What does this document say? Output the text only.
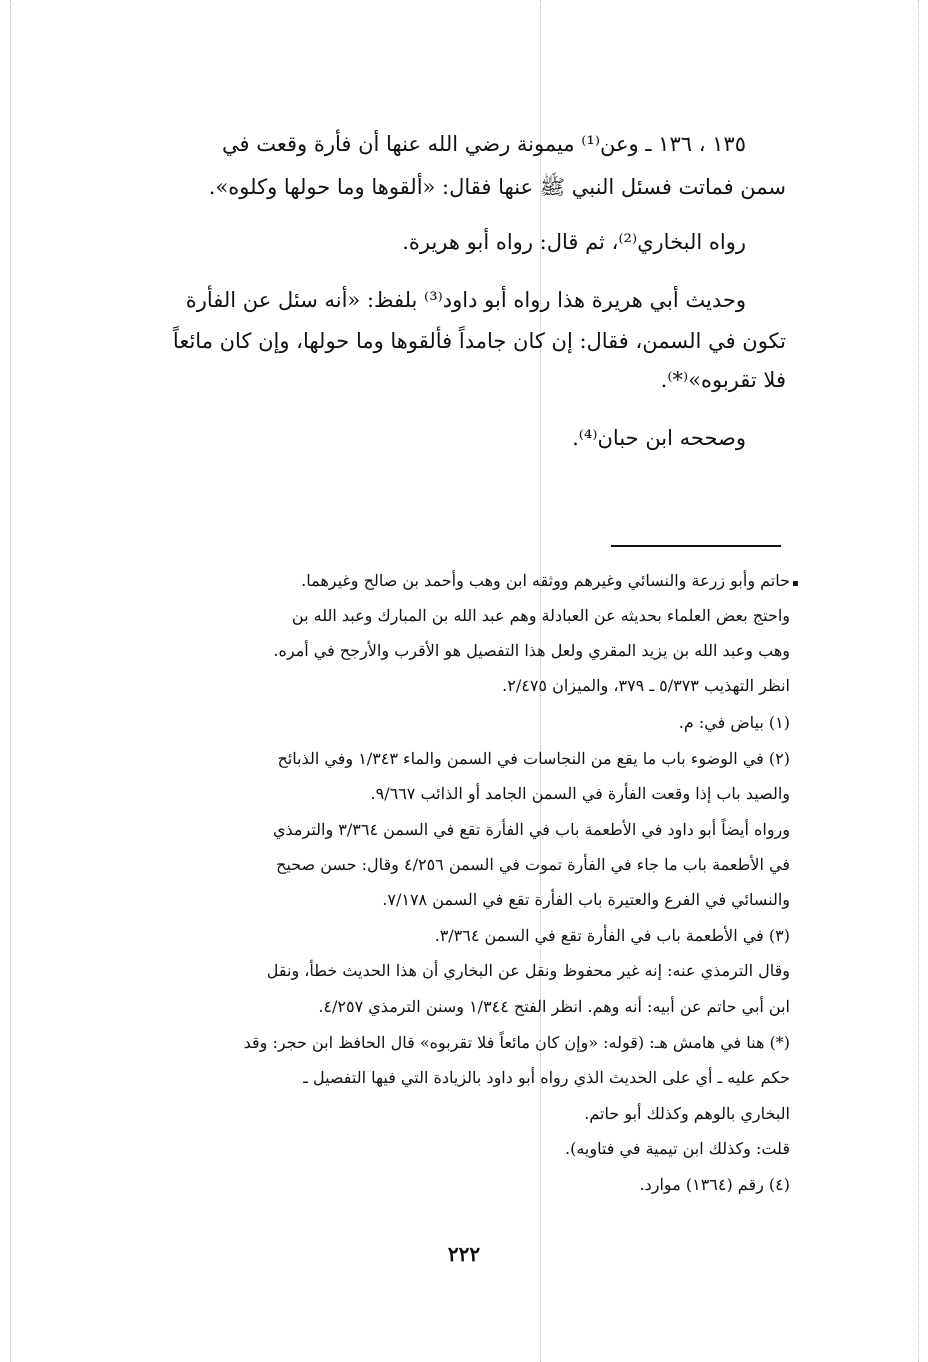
١٣٥ ، ١٣٦ ـ وعن⁽¹⁾ ميمونة رضي الله عنها أن فأرة وقعت في
سمن فماتت فسئل النبي ﷺ عنها فقال: «ألقوها وما حولها وكلوه».
رواه البخاري⁽²⁾، ثم قال: رواه أبو هريرة.
وحديث أبي هريرة هذا رواه أبو داود⁽³⁾ بلفظ: «أنه سئل عن الفأرة
تكون في السمن، فقال: إن كان جامداً فألقوها وما حولها، وإن كان مائعاً
فلا تقربوه»⁽*⁾.
وصححه ابن حبان⁽⁴⁾.
▪
حاتم وأبو زرعة والنسائي وغيرهم ووثقه ابن وهب وأحمد بن صالح وغيرهما.
واحتج بعض العلماء بحديثه عن العبادلة وهم عبد الله بن المبارك وعبد الله بن
وهب وعبد الله بن يزيد المقري ولعل هذا التفصيل هو الأقرب والأرجح في أمره.
انظر التهذيب ٥/٣٧٣ ـ ٣٧٩، والميزان ٢/٤٧٥.
(١) بياض في: م.
(٢) في الوضوء باب ما يقع من النجاسات في السمن والماء ١/٣٤٣ وفي الذبائح
والصيد باب إذا وقعت الفأرة في السمن الجامد أو الذائب ٩/٦٦٧.
ورواه أيضاً أبو داود في الأطعمة باب في الفأرة تقع في السمن ٣/٣٦٤ والترمذي
في الأطعمة باب ما جاء في الفأرة تموت في السمن ٤/٢٥٦ وقال: حسن صحيح
والنسائي في الفرع والعتيرة باب الفأرة تقع في السمن ٧/١٧٨.
(٣) في الأطعمة باب في الفأرة تقع في السمن ٣/٣٦٤.
وقال الترمذي عنه: إنه غير محفوظ ونقل عن البخاري أن هذا الحديث خطأ، ونقل
ابن أبي حاتم عن أبيه: أنه وهم. انظر الفتح ١/٣٤٤ وسنن الترمذي ٤/٢٥٧.
(*) هنا في هامش هـ: (قوله: «وإن كان مائعاً فلا تقربوه» قال الحافظ ابن حجر: وقد
حكم عليه ـ أي على الحديث الذي رواه أبو داود بالزيادة التي فيها التفصيل ـ
البخاري بالوهم وكذلك أبو حاتم.
قلت: وكذلك ابن تيمية في فتاويه).
(٤) رقم (١٣٦٤) موارد.
٢٢٢
